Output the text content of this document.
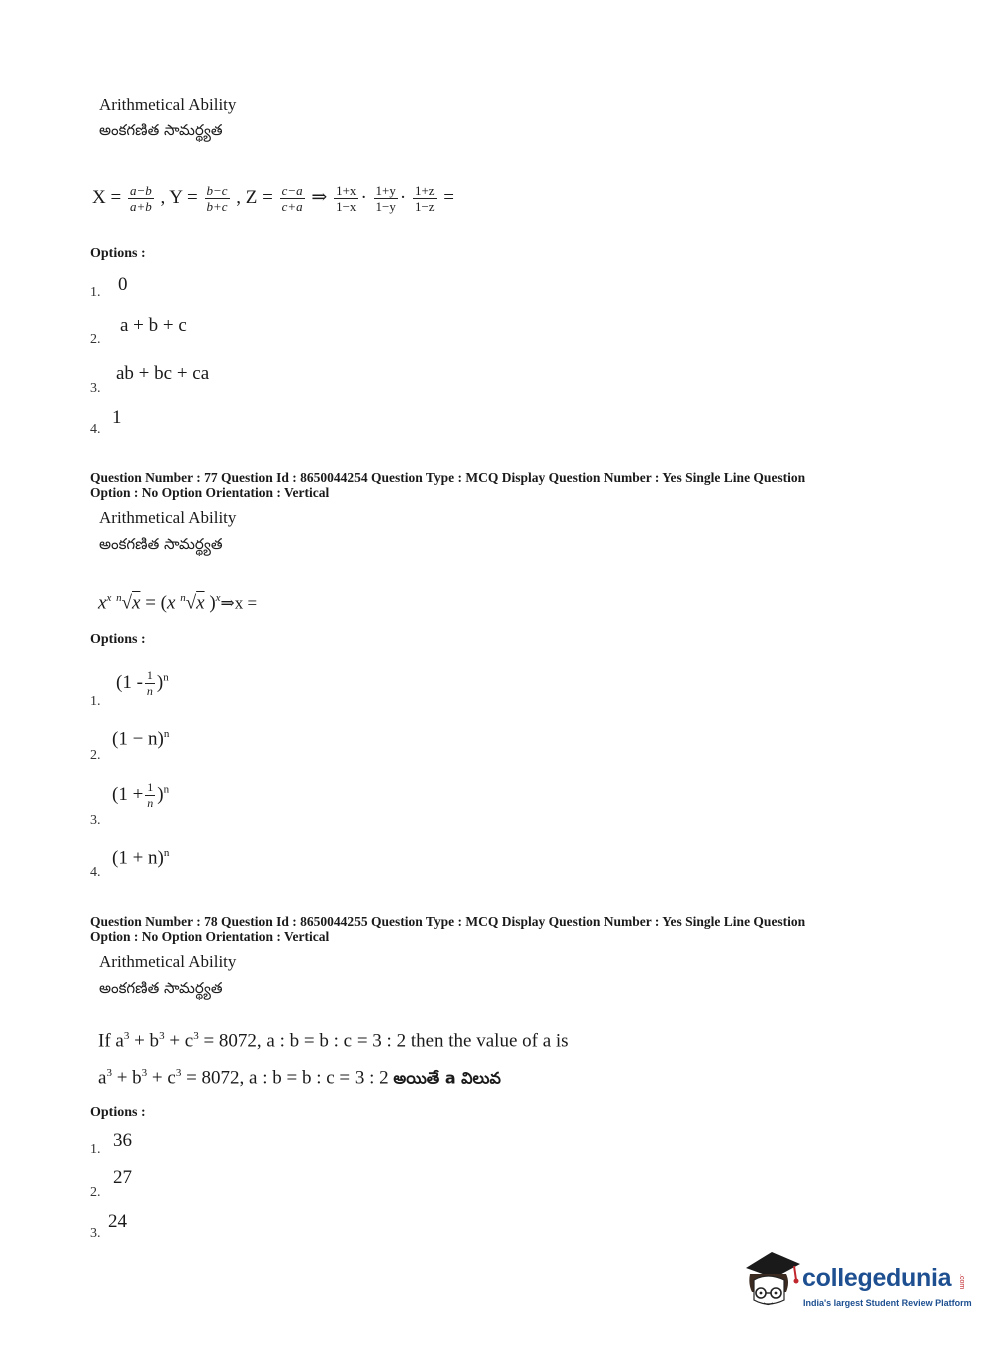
Arithmetical Ability
అంకగణిత సామర్థ్యత
$X = \frac{a-b}{a+b}$ , $Y = \frac{b-c}{b+c}$ , $Z = \frac{c-a}{c+a}$ ⇒ $\frac{1+x}{1-x} \cdot \frac{1+y}{1-y} \cdot \frac{1+z}{1-z}$ =
Options :
1. 0
2.
a + b + c
3.
ab + bc + ca
4.
1
Question Number : 77 Question Id : 8650044254 Question Type : MCQ Display Question Number : Yes Single Line Question
Option : No Option Orientation : Vertical
Arithmetical Ability
అంకగణిత సామర్థ్యత
$x^x$ $^n$√x = (x $^n$√x )$^x$⇒x =
Options :
1.
$(1 - \frac{1}{n} )^n$
2.
$(1 - n)^n$
3.
$(1 + \frac{1}{n} )^n$
4.
$(1 + n)^n$
Question Number : 78 Question Id : 8650044255 Question Type : MCQ Display Question Number : Yes Single Line Question
Option : No Option Orientation : Vertical
Arithmetical Ability
అంకగణిత సామర్థ్యత
If $a^3 + b^3 + c^3 = 8072$, a : b = b : c = 3 : 2 then the value of a is
$a^3 + b^3 + c^3 = 8072$, a : b = b : c = 3 : 2 అయితే a విలువ
Options :
1. 36
2.
27
3.
24
collegedunia .com
India's largest Student Review Platform
